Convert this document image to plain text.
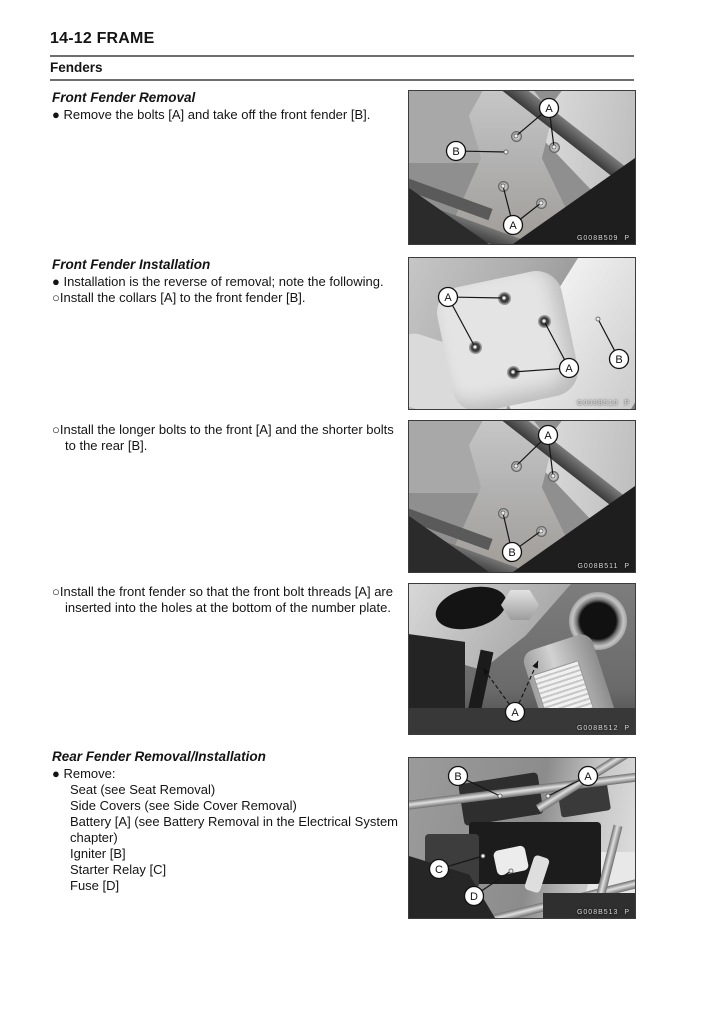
14-12 FRAME
Fenders
Front Fender Removal
● Remove the bolts [A] and take off the front fender [B].	A
B
A
G008B509  P
Front Fender Installation
● Installation is the reverse of removal; note the following.
○Install the collars [A] to the front fender [B].	A
A
B
G008B510  P
○Install the longer bolts to the front [A] and the shorter bolts
to the rear [B].
A
B
G008B511  P
○Install the front fender so that the front bolt threads [A] are
inserted into the holes at the bottom of the number plate.
A
G008B512  P
Rear Fender Removal/Installation
● Remove:
Seat (see Seat Removal)
Side Covers (see Side Cover Removal)
Battery [A] (see Battery Removal in the Electrical System
chapter)
Igniter [B]
Starter Relay [C]
Fuse [D]
B	A
C
D
G008B513  P
